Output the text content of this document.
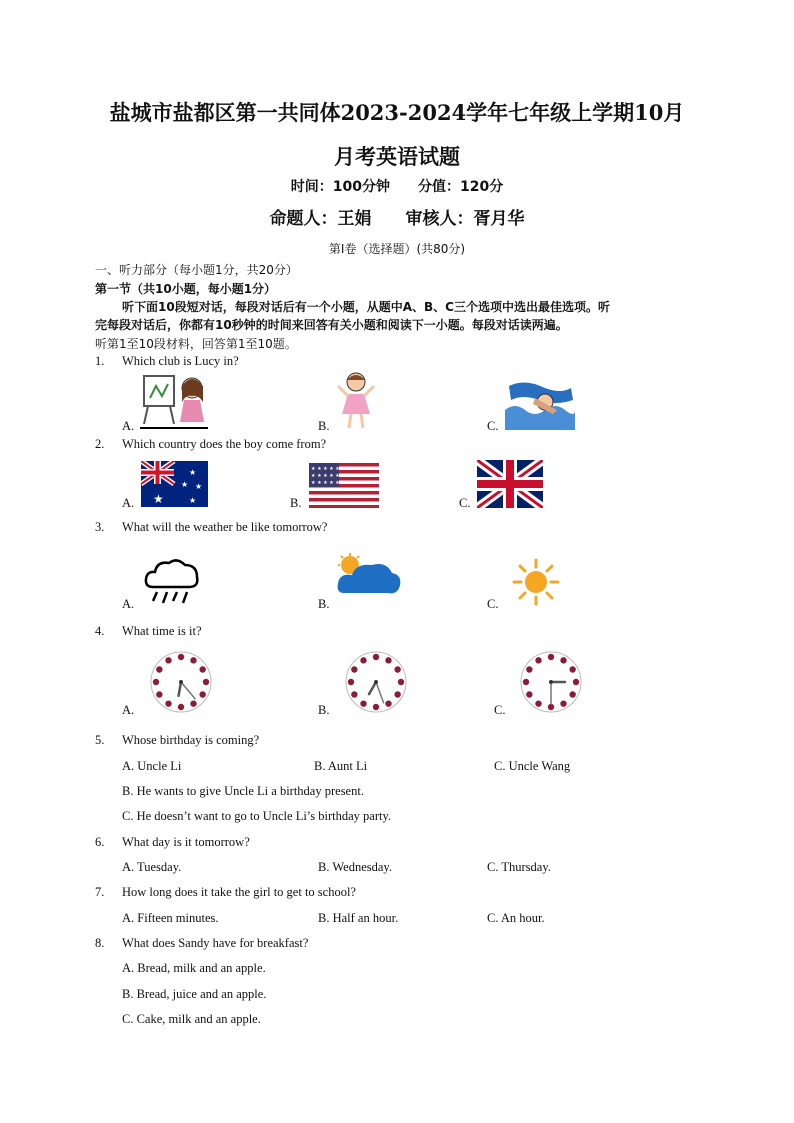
盐城市盐都区第一共同体2023-2024学年七年级上学期10月
月考英语试题
时间：100分钟　　分值：120分
命题人：王娟　　审核人：胥月华
第I卷（选择题）(共80分)
一、听力部分（每小题1分，共20分）
第一节（共10小题，每小题1分）
听下面10段短对话，每段对话后有一个小题，从题中A、B、C三个选项中选出最佳选项。听
完每段对话后，你都有10秒钟的时间来回答有关小题和阅读下一小题。每段对话读两遍。
听第1至10段材料，回答第1至10题。
1. Which club is Lucy in?
A.	B.	C.
2. Which country does the boy come from?
A.	B.	C.
★
★
★ ★
★
★ ★ ★ ★ ★
★ ★ ★ ★ ★
★ ★ ★ ★ ★
3. What will the weather be like tomorrow?
A.	B.	C.
4. What time is it?
A.	B.	C.
5. Whose birthday is coming?
A. Uncle Li	B. Aunt Li	C. Uncle Wang
B. He wants to give Uncle Li a birthday present.
C. He doesn’t want to go to Uncle Li’s birthday party.
6. What day is it tomorrow?
A. Tuesday.	B. Wednesday.	C. Thursday.
7. How long does it take the girl to get to school?
A. Fifteen minutes.	B. Half an hour.	C. An hour.
8. What does Sandy have for breakfast?
A. Bread, milk and an apple.
B. Bread, juice and an apple.
C. Cake, milk and an apple.
